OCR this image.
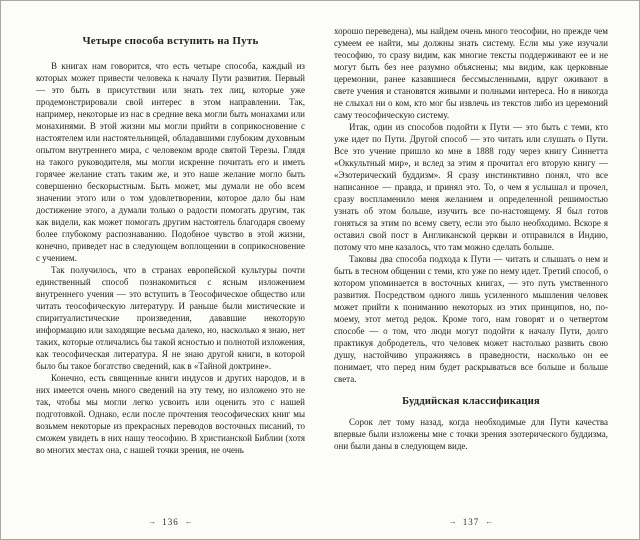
Четыре способа вступить на Путь

В книгах нам говорится, что есть четыре способа, каждый из которых может привести человека к началу Пути развития. Первый — это быть в присутствии или знать тех лиц, которые уже продемонстрировали свой интерес в этом направлении. Так, например, некоторые из нас в средние века могли быть монахами или монахинями. В этой жизни мы могли прийти в соприкосновение с настоятелем или настоятельницей, обладавшими глубоким духовным опытом внутреннего мира, с человеком вроде святой Терезы. Глядя на такого руководителя, мы могли искренне почитать его и иметь горячее желание стать таким же, и это наше желание могло быть совершенно бескорыстным. Быть может, мы думали не обо всем значении этого или о том удовлетворении, которое дало бы нам достижение этого, а думали только о радости помогать другим, так как видели, как может помогать другим настоятель благодаря своему более глубокому распознаванию. Подобное чувство в этой жизни, конечно, приведет нас в следующем воплощении в соприкосновение с учением.

Так получилось, что в странах европейской культуры почти единственный способ познакомиться с ясным изложением внутреннего учения — это вступить в Теософическое общество или читать теософическую литературу. И раньше были мистические и спиритуалистические произведения, дававшие некоторую информацию или заходящие весьма далеко, но, насколько я знаю, нет таких, которые отличались бы такой ясностью и полнотой изложения, как теософическая литература. Я не знаю другой книги, в которой было бы такое богатство сведений, как в «Тайной доктрине».

Конечно, есть священные книги индусов и других народов, и в них имеется очень много сведений на эту тему, но изложено это не так, чтобы мы могли легко усвоить или оценить это с нашей подготовкой. Однако, если после прочтения теософических книг мы возьмем некоторые из прекрасных переводов восточных писаний, то сможем увидеть в них нашу теософию. В христианской Библии (хотя во многих местах она, с нашей точки зрения, не очень

→ 136 ←

хорошо переведена), мы найдем очень много теософии, но прежде чем сумеем ее найти, мы должны знать систему. Если мы уже изучали теософию, то сразу видим, как многие тексты поддерживают ее и не могут быть без нее разумно объяснены; мы видим, как церковные церемонии, ранее казавшиеся бессмысленными, вдруг оживают в свете учения и становятся живыми и полными интереса. Но я никогда не слыхал ни о ком, кто мог бы извлечь из текстов либо из церемоний саму теософическую систему.

Итак, один из способов подойти к Пути — это быть с теми, кто уже идет по Пути. Другой способ — это читать или слушать о Пути. Все это учение пришло ко мне в 1888 году через книгу Синнетта «Оккультный мир», и вслед за этим я прочитал его вторую книгу — «Эзотерический буддизм». Я сразу инстинктивно понял, что все написанное — правда, и принял это. То, о чем я услышал и прочел, сразу воспламенило меня желанием и определенной решимостью узнать об этом больше, изучить все по-настоящему. Я был готов гоняться за этим по всему свету, если это было необходимо. Вскоре я оставил свой пост в Англиканской церкви и отправился в Индию, потому что мне казалось, что там можно сделать больше.

Таковы два способа подхода к Пути — читать и слышать о нем и быть в тесном общении с теми, кто уже по нему идет. Третий способ, о котором упоминается в восточных книгах, — это путь умственного развития. Посредством одного лишь усиленного мышления человек может прийти к пониманию некоторых из этих принципов, но, по-моему, этот метод редок. Кроме того, нам говорят и о четвертом способе — о том, что люди могут подойти к началу Пути, долго практикуя добродетель, что человек может настолько развить свою душу, настойчиво упражняясь в праведности, насколько он ее понимает, что перед ним будет раскрываться все больше и больше света.

Буддийская классификация

Сорок лет тому назад, когда необходимые для Пути качества впервые были изложены мне с точки зрения эзотерического буддизма, они были даны в следующем виде.

→ 137 ←
